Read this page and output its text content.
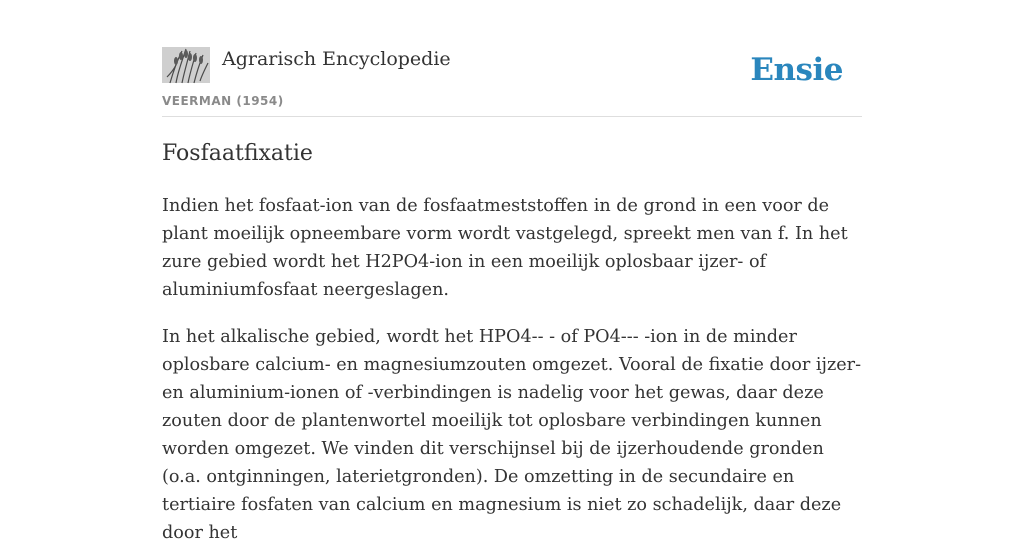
Agrarisch Encyclopedie
VEERMAN (1954)
Ensie
Fosfaatfixatie

Indien het fosfaat-ion van de fosfaatmeststoffen in de grond in een voor de plant moeilijk opneembare vorm wordt vastgelegd, spreekt men van f. In het zure gebied wordt het H2PO4-ion in een moeilijk oplosbaar ijzer- of aluminiumfosfaat neergeslagen.

In het alkalische gebied, wordt het HPO4-- - of PO4--- -ion in de minder oplosbare calcium- en magnesiumzouten omgezet. Vooral de fixatie door ijzer- en aluminium-ionen of -verbindingen is nadelig voor het gewas, daar deze zouten door de plantenwortel moeilijk tot oplosbare verbindingen kunnen worden omgezet. We vinden dit verschijnsel bij de ijzerhoudende gronden (o.a. ontginningen, laterietgronden). De omzetting in de secundaire en tertiaire fosfaten van calcium en magnesium is niet zo schadelijk, daar deze door het
